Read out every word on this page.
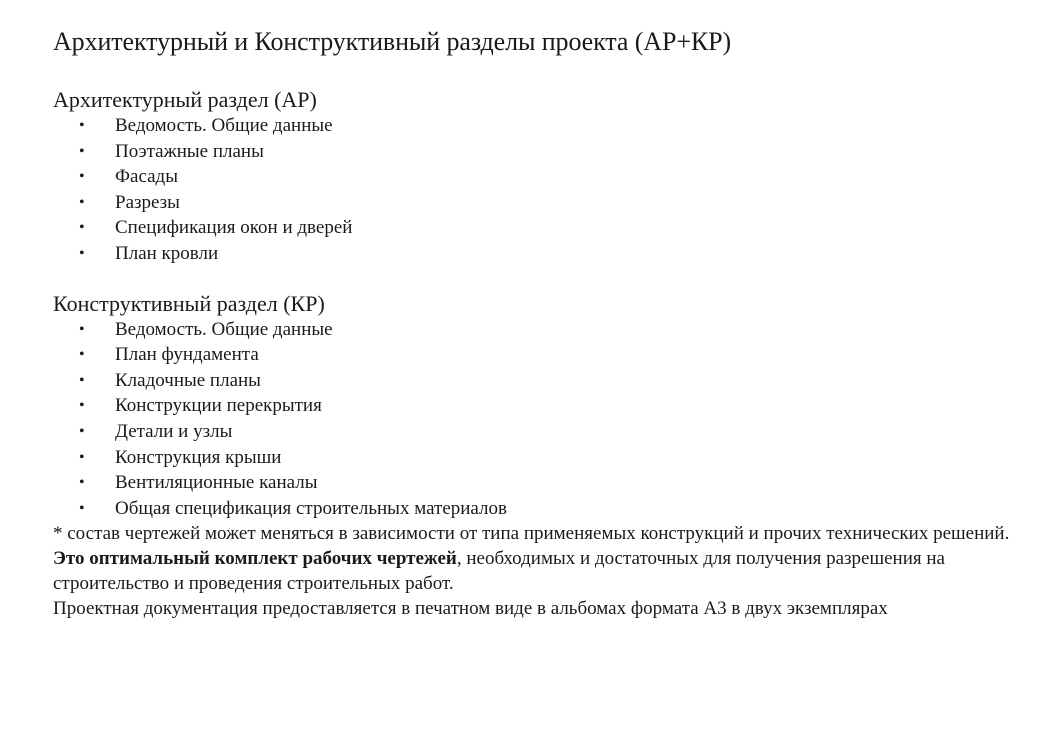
Архитектурный и Конструктивный разделы проекта (АР+КР)
Архитектурный раздел (АР)
• Ведомость. Общие данные
• Поэтажные планы
• Фасады
• Разрезы
• Спецификация окон и дверей
• План кровли
Конструктивный раздел (КР)
• Ведомость. Общие данные
• План фундамента
• Кладочные планы
• Конструкции перекрытия
• Детали и узлы
• Конструкция крыши
• Вентиляционные каналы
• Общая спецификация строительных материалов

* состав чертежей может меняться в зависимости от типа применяемых конструкций и прочих технических решений.

Это оптимальный комплект рабочих чертежей, необходимых и достаточных для получения разрешения на строительство и проведения строительных работ.

Проектная документация предоставляется в печатном виде в альбомах формата А3 в двух экземплярах
